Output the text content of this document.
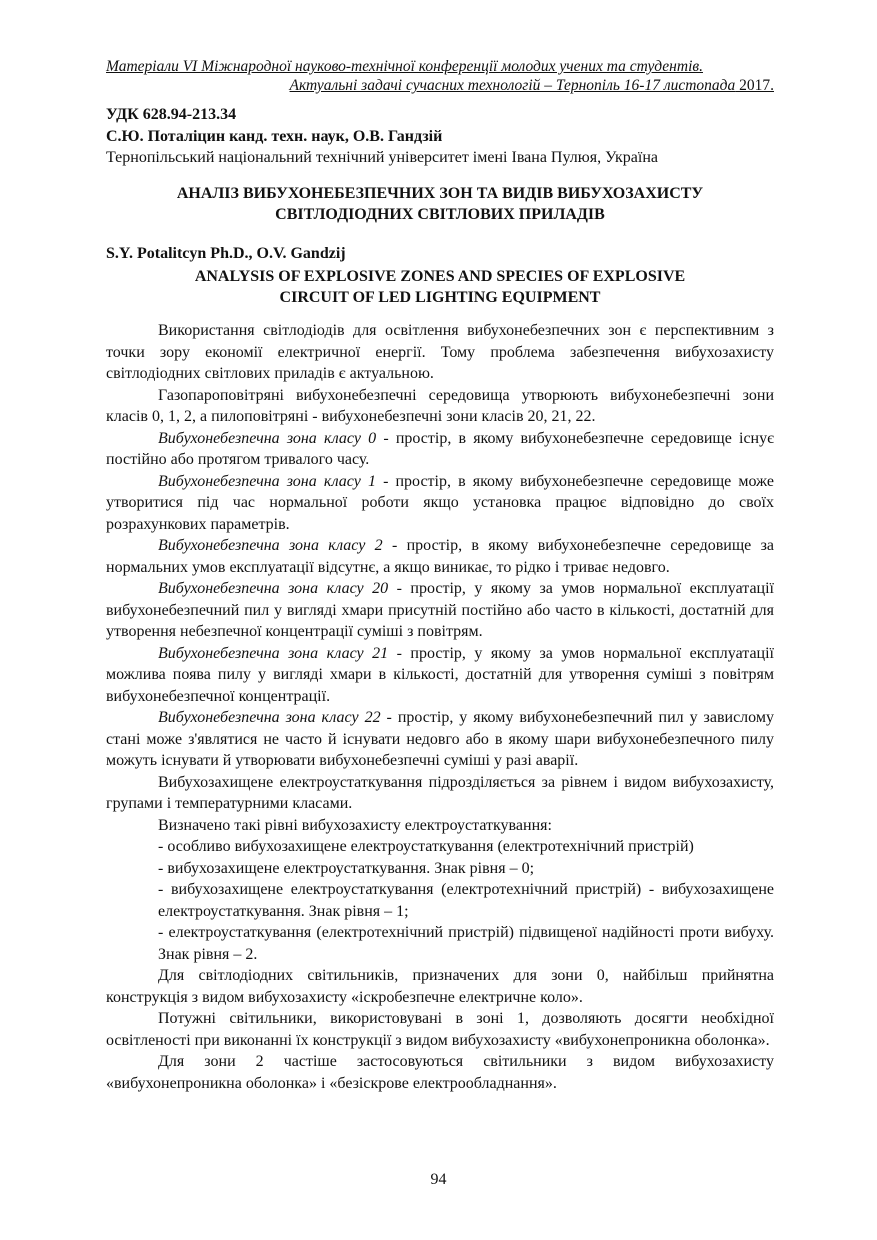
Матеріали VI Міжнародної науково-технічної конференції молодих учених та студентів.
Актуальні задачі сучасних технологій – Тернопіль 16-17 листопада 2017.
УДК 628.94-213.34
С.Ю. Поталіцин канд. техн. наук, О.В. Гандзій
Тернопільський національний технічний університет імені Івана Пулюя, Україна
АНАЛІЗ ВИБУХОНЕБЕЗПЕЧНИХ ЗОН ТА ВИДІВ ВИБУХОЗАХИСТУ
СВІТЛОДІОДНИХ СВІТЛОВИХ ПРИЛАДІВ
S.Y. Potalitcyn Ph.D., O.V. Gandzij
ANALYSIS OF EXPLOSIVE ZONES AND SPECIES OF EXPLOSIVE
CIRCUIT OF LED LIGHTING EQUIPMENT

Використання світлодіодів для освітлення вибухонебезпечних зон є перспективним з точки зору економії електричної енергії. Тому проблема забезпечення вибухозахисту світлодіодних світлових приладів є актуальною.

Газопароповітряні вибухонебезпечні середовища утворюють вибухонебезпечні зони класів 0, 1, 2, а пилоповітряні - вибухонебезпечні зони класів 20, 21, 22.

Вибухонебезпечна зона класу 0 - простір, в якому вибухонебезпечне середовище існує постійно або протягом тривалого часу.

Вибухонебезпечна зона класу 1 - простір, в якому вибухонебезпечне середовище може утворитися під час нормальної роботи якщо установка працює відповідно до своїх розрахункових параметрів.

Вибухонебезпечна зона класу 2 - простір, в якому вибухонебезпечне середовище за нормальних умов експлуатації відсутнє, а якщо виникає, то рідко і триває недовго.

Вибухонебезпечна зона класу 20 - простір, у якому за умов нормальної експлуатації вибухонебезпечний пил у вигляді хмари присутній постійно або часто в кількості, достатній для утворення небезпечної концентрації суміші з повітрям.

Вибухонебезпечна зона класу 21 - простір, у якому за умов нормальної експлуатації можлива поява пилу у вигляді хмари в кількості, достатній для утворення суміші з повітрям вибухонебезпечної концентрації.

Вибухонебезпечна зона класу 22 - простір, у якому вибухонебезпечний пил у завислому стані може з'являтися не часто й існувати недовго або в якому шари вибухонебезпечного пилу можуть існувати й утворювати вибухонебезпечні суміші у разі аварії.

Вибухозахищене електроустаткування підрозділяється за рівнем і видом вибухозахисту, групами і температурними класами.

Визначено такі рівні вибухозахисту електроустаткування:

- особливо вибухозахищене електроустаткування (електротехнічний пристрій)

- вибухозахищене електроустаткування. Знак рівня – 0;

- вибухозахищене електроустаткування (електротехнічний пристрій) - вибухозахищене електроустаткування. Знак рівня – 1;

- електроустаткування (електротехнічний пристрій) підвищеної надійності проти вибуху. Знак рівня – 2.

Для світлодіодних світильників, призначених для зони 0, найбільш прийнятна конструкція з видом вибухозахисту «іскробезпечне електричне коло».

Потужні світильники, використовувані в зоні 1, дозволяють досягти необхідної освітленості при виконанні їх конструкції з видом вибухозахисту «вибухонепроникна оболонка».

Для зони 2 частіше застосовуються світильники з видом вибухозахисту «вибухонепроникна оболонка» і «безіскрове електрообладнання».

94
